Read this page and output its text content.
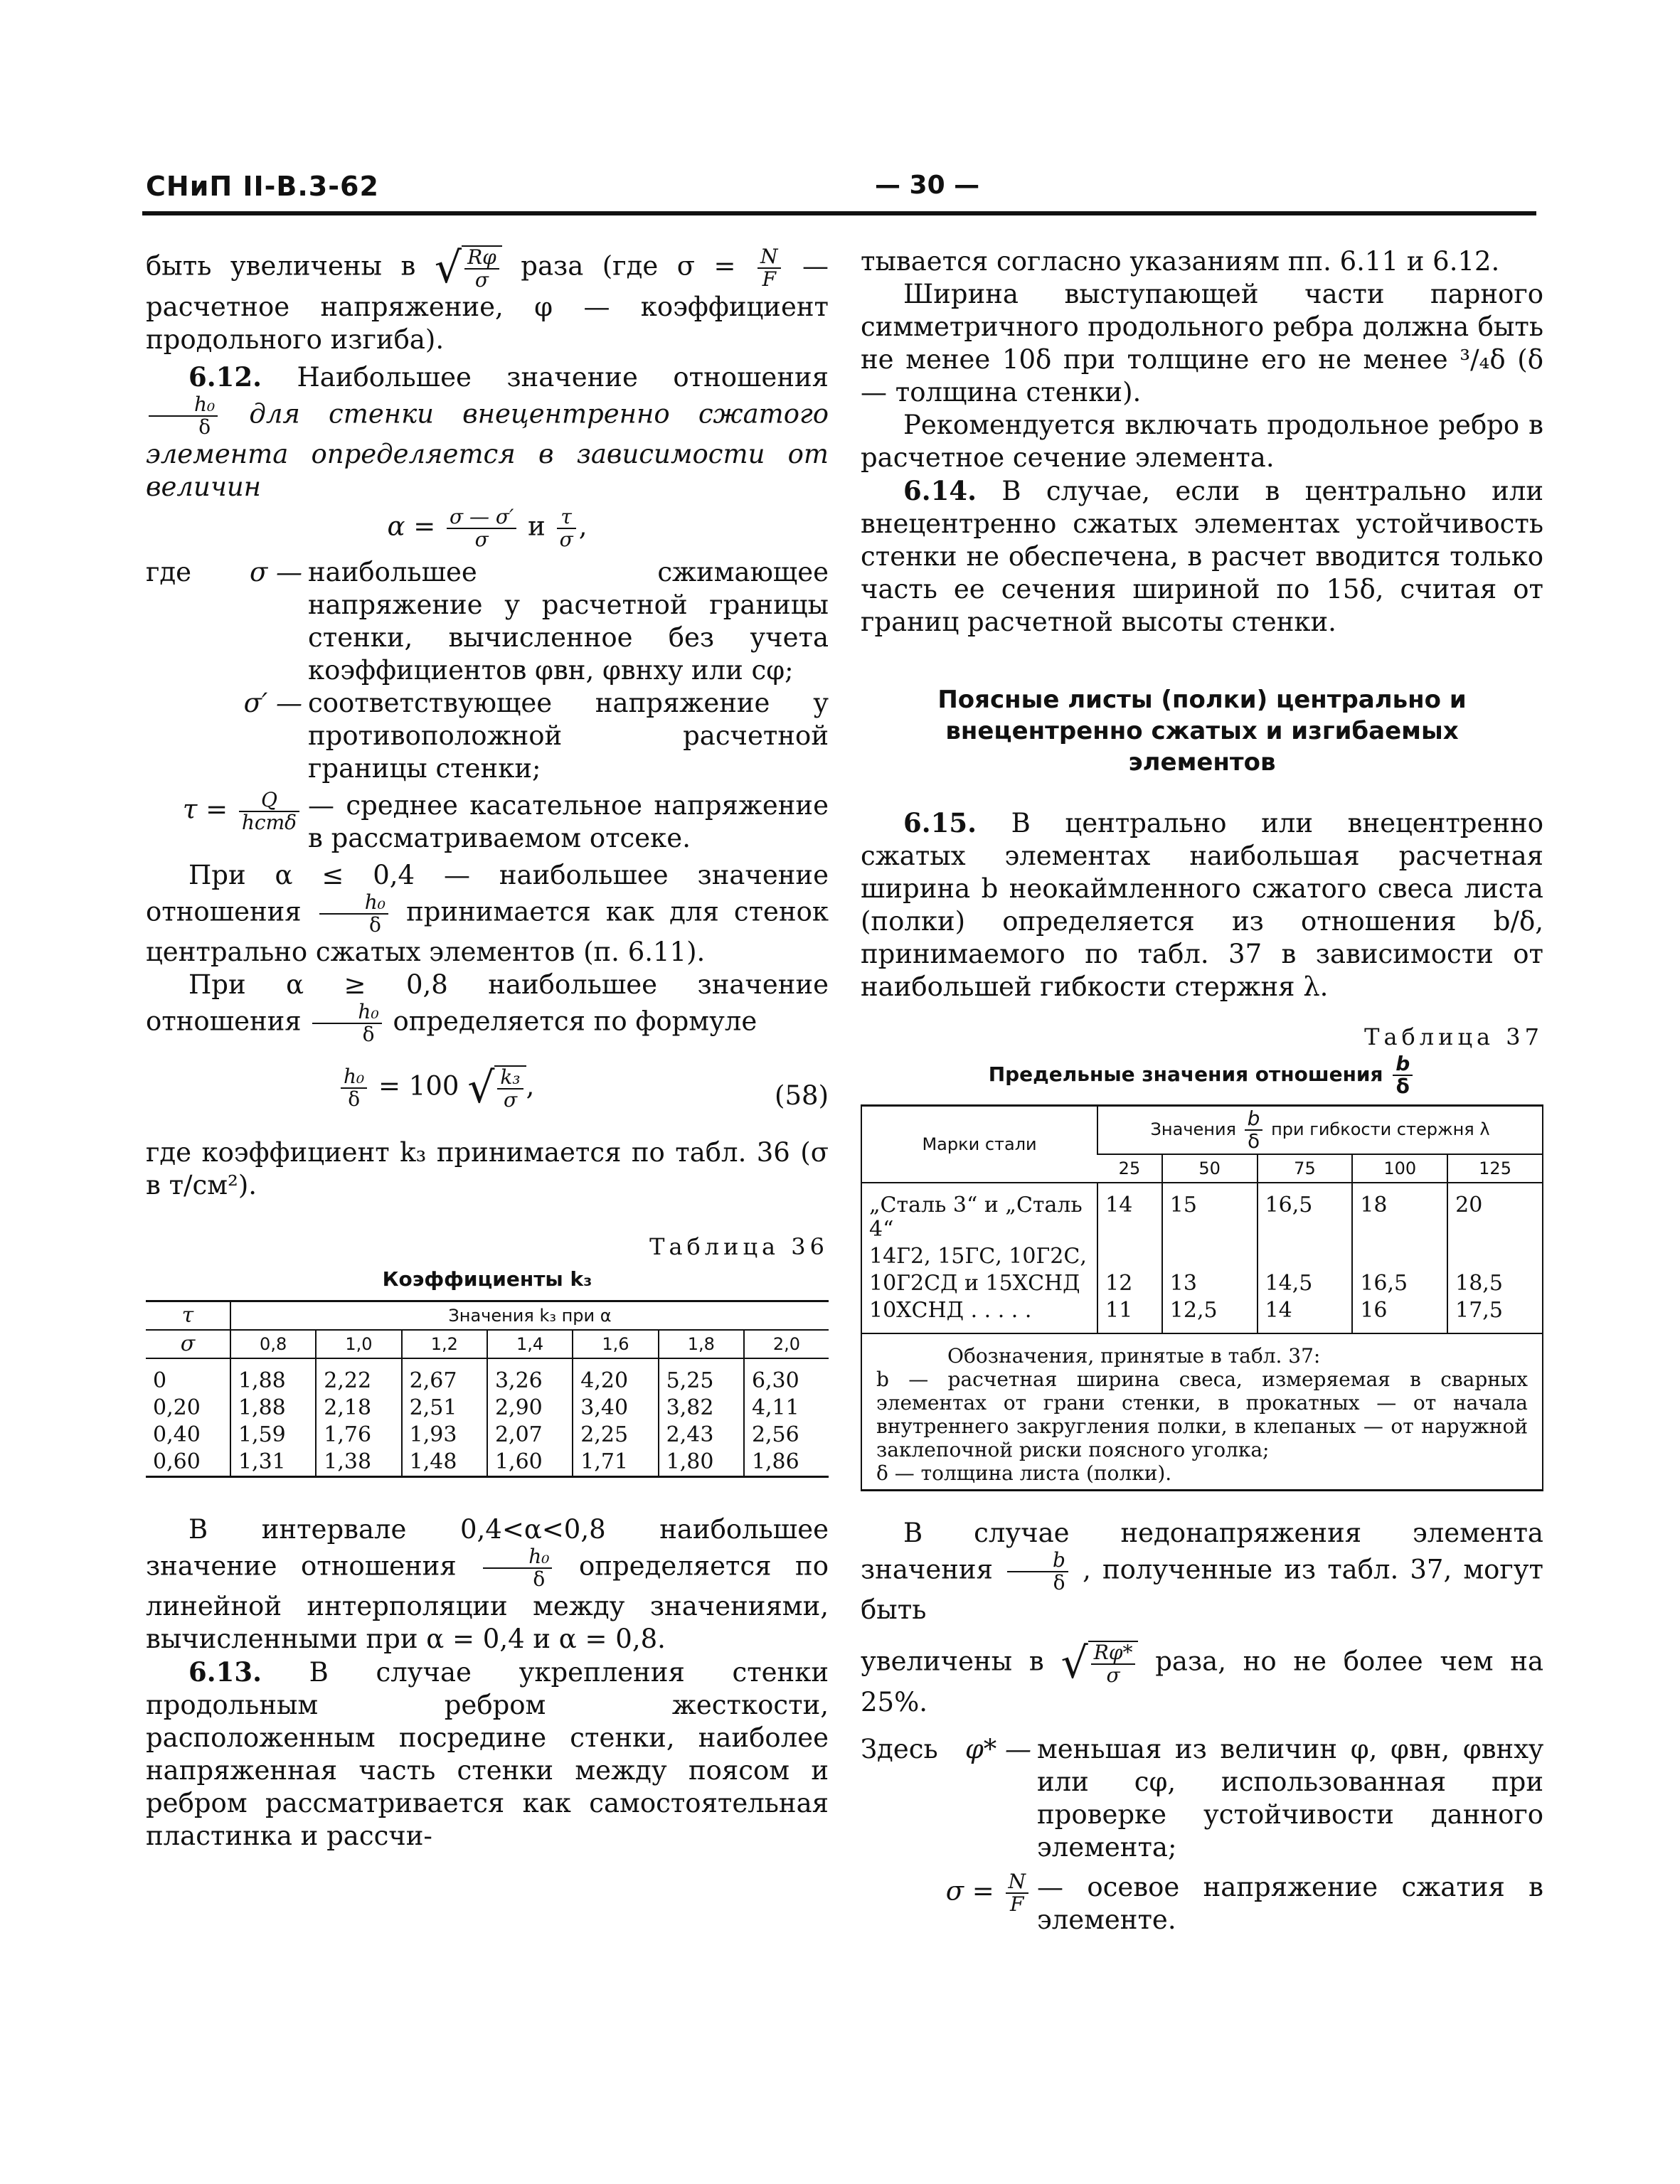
СНиП II-В.3-62	— 30 —

быть увеличены в √ $\frac{R\varphi}{\sigma}$ раза (где $\sigma = \frac{N}{F}$ — расчетное напряжение, φ — коэффициент продольного изгиба).

6.12. Наибольшее значение отношения
$\frac{\text{h₀}}{\delta}$ для стенки внецентренно сжатого элемента определяется в зависимости от величин

$\alpha = \frac{\sigma — \sigma'}{\sigma}$ и $\frac{\tau}{\sigma}$ ,
где σ — наибольшее сжимающее напряжение у расчетной границы стенки, вычисленное без учета коэффициентов φвн, φвнxy или cφ;
σ′ — соответствующее напряжение у противоположной расчетной границы стенки;
$\tau = \frac{Q}{\text{hстδ}}$ — среднее касательное напряжение в рассматриваемом отсеке.

При α ≤ 0,4 — наибольшее значение отношения $\frac{\text{h₀}}{\delta}$ принимается как для стенок центрально сжатых элементов (п. 6.11).

При α ≥ 0,8 наибольшее значение отношения $\frac{\text{h₀}}{\delta}$ определяется по формуле

$\frac{\text{h₀}}{\delta} = 100$ √ $\frac{\text{k₃}}{\sigma}$ ,	(58)

где коэффициент k₃ принимается по табл. 36 (σ в т/см²).

Таблица 36
Коэффициенты k₃
τ	Значения k₃ при α						
σ	0,8	1,0	1,2	1,4	1,6	1,8	2,0
0	1,88	2,22	2,67	3,26	4,20	5,25	6,30
0,20	1,88	2,18	2,51	2,90	3,40	3,82	4,11
0,40	1,59	1,76	1,93	2,07	2,25	2,43	2,56
0,60	1,31	1,38	1,48	1,60	1,71	1,80	1,86

В интервале 0,4<α<0,8 наибольшее значение отношения $\frac{\text{h₀}}{\delta}$ определяется по линейной интерполяции между значениями, вычисленными при α = 0,4 и α = 0,8.

6.13. В случае укрепления стенки продольным ребром жесткости, расположенным посредине стенки, наиболее напряженная часть стенки между поясом и ребром рассматривается как самостоятельная пластинка и рассчи-

тывается согласно указаниям пп. 6.11 и 6.12.

Ширина выступающей части парного симметричного продольного ребра должна быть не менее 10δ при толщине его не менее ³/₄δ (δ — толщина стенки).

Рекомендуется включать продольное ребро в расчетное сечение элемента.

6.14. В случае, если в центрально или внецентренно сжатых элементах устойчивость стенки не обеспечена, в расчет вводится только часть ее сечения шириной по 15δ, считая от границ расчетной высоты стенки.

Поясные листы (полки) центрально и внецентренно сжатых и изгибаемых элементов

6.15. В центрально или внецентренно сжатых элементах наибольшая расчетная ширина b неокаймленного сжатого свеса листа (полки) определяется из отношения b/δ, принимаемого по табл. 37 в зависимости от наибольшей гибкости стержня λ.

Таблица 37
Предельные значения отношения $\frac{b}{\delta}$
Марки стали	Значения $\frac{b}{\delta}$ при гибкости стержня λ				
	25	50	75	100	125
„Сталь 3“ и „Сталь 4“	14	15	16,5	18	20
14Г2, 15ГС, 10Г2С,					
10Г2СД и 15ХСНД	12	13	14,5	16,5	18,5
10ХСНД . . . . .	11	12,5	14	16	17,5

Обозначения, принятые в табл. 37:
b — расчетная ширина свеса, измеряемая в сварных элементах от грани стенки, в прокатных — от начала внутреннего закругления полки, в клепаных — от наружной заклепочной риски поясного уголка;
δ — толщина листа (полки).					

В случае недонапряжения элемента значения $\frac{b}{\delta}$ , полученные из табл. 37, могут быть

увеличены в √ $\frac{R\varphi*}{\sigma}$ раза, но не более чем на 25%.

Здесь φ* — меньшая из величин φ, φвн, φвнxy или cφ, использованная при проверке устойчивости данного элемента;
$\sigma = \frac{N}{F}$ — осевое напряжение сжатия в элементе.
